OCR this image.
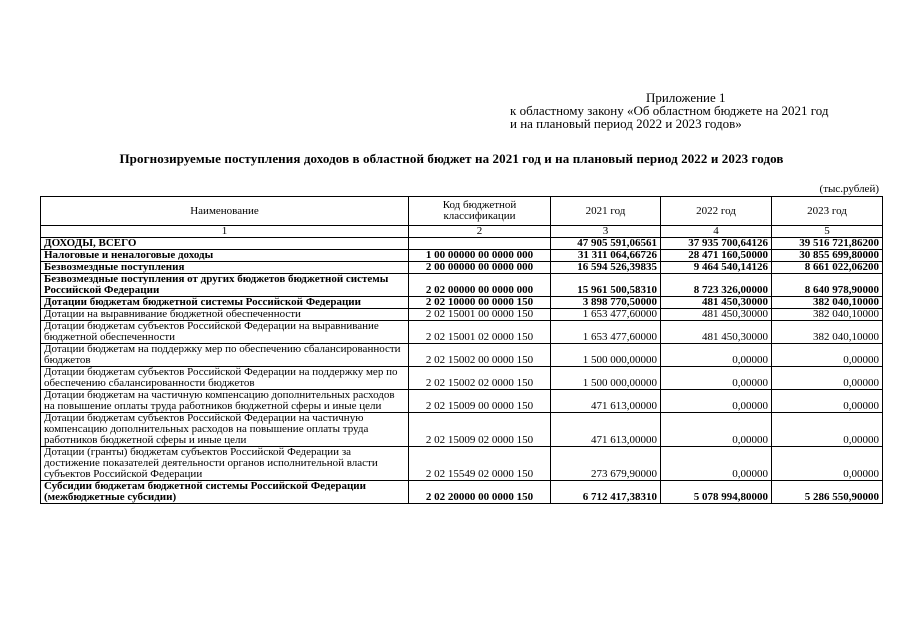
Приложение 1
к областному закону «Об областном бюджете на 2021 год
и на плановый период 2022 и 2023 годов»
Прогнозируемые поступления доходов в областной бюджет на 2021 год и на плановый период 2022 и 2023 годов
(тыс.рублей)
Наименование	Код бюджетной классификации	2021 год	2022 год	2023 год
1	2	3	4	5
ДОХОДЫ, ВСЕГО		47 905 591,06561	37 935 700,64126	39 516 721,86200
Налоговые и неналоговые доходы	1 00 00000 00 0000 000	31 311 064,66726	28 471 160,50000	30 855 699,80000
Безвозмездные поступления	2 00 00000 00 0000 000	16 594 526,39835	9 464 540,14126	8 661 022,06200
Безвозмездные поступления от других бюджетов бюджетной системы Российской Федерации	2 02 00000 00 0000 000	15 961 500,58310	8 723 326,00000	8 640 978,90000
Дотации бюджетам бюджетной системы Российской Федерации	2 02 10000 00 0000 150	3 898 770,50000	481 450,30000	382 040,10000
Дотации на выравнивание бюджетной обеспеченности	2 02 15001 00 0000 150	1 653 477,60000	481 450,30000	382 040,10000
Дотации бюджетам субъектов Российской Федерации на выравнивание бюджетной обеспеченности	2 02 15001 02 0000 150	1 653 477,60000	481 450,30000	382 040,10000
Дотации бюджетам на поддержку мер по обеспечению сбалансированности бюджетов	2 02 15002 00 0000 150	1 500 000,00000	0,00000	0,00000
Дотации бюджетам субъектов Российской Федерации на поддержку мер по обеспечению сбалансированности бюджетов	2 02 15002 02 0000 150	1 500 000,00000	0,00000	0,00000
Дотации бюджетам на частичную компенсацию дополнительных расходов на повышение оплаты труда работников бюджетной сферы и иные цели	2 02 15009 00 0000 150	471 613,00000	0,00000	0,00000
Дотации бюджетам субъектов Российской Федерации на частичную компенсацию дополнительных расходов на повышение оплаты труда работников бюджетной сферы и иные цели	2 02 15009 02 0000 150	471 613,00000	0,00000	0,00000
Дотации (гранты) бюджетам субъектов Российской Федерации за достижение показателей деятельности органов исполнительной власти субъектов Российской Федерации	2 02 15549 02 0000 150	273 679,90000	0,00000	0,00000
Субсидии бюджетам бюджетной системы Российской Федерации (межбюджетные субсидии)	2 02 20000 00 0000 150	6 712 417,38310	5 078 994,80000	5 286 550,90000
